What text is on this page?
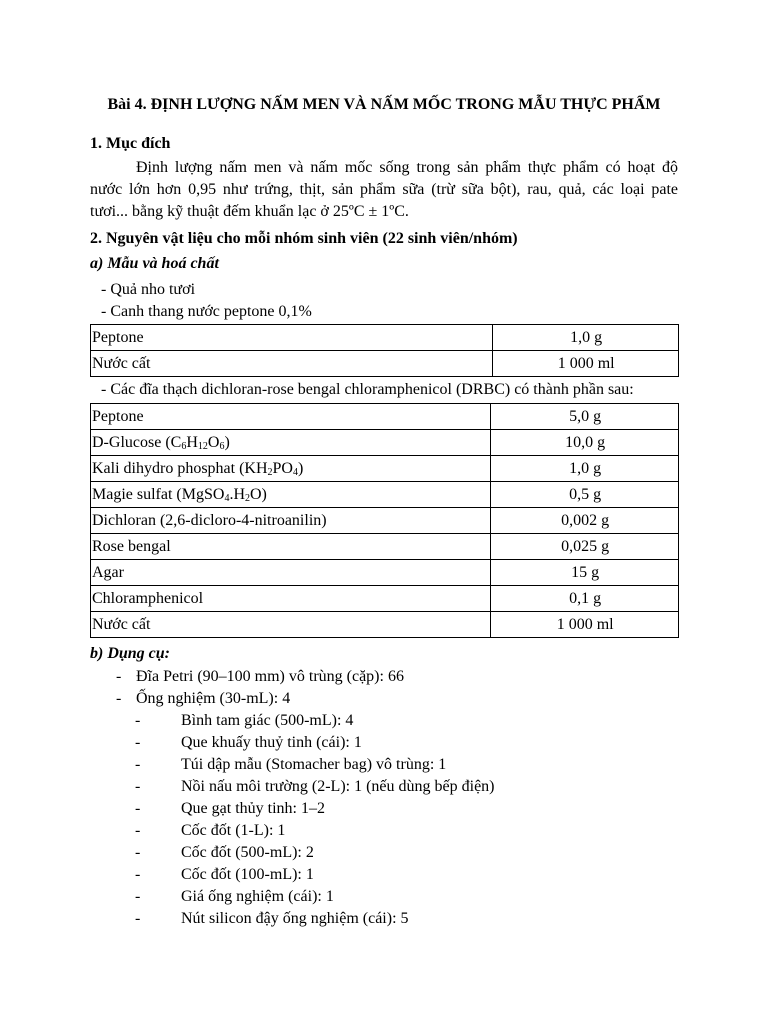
Bài 4. ĐỊNH LƯỢNG NẤM MEN VÀ NẤM MỐC TRONG MẪU THỰC PHẨM
1. Mục đích
Định lượng nấm men và nấm mốc sống trong sản phẩm thực phẩm có hoạt độ
nước lớn hơn 0,95 như trứng, thịt, sản phẩm sữa (trừ sữa bột), rau, quả, các loại pate
tươi... bằng kỹ thuật đếm khuẩn lạc ở 25ºC ± 1ºC.
2. Nguyên vật liệu cho mỗi nhóm sinh viên (22 sinh viên/nhóm)
a) Mẫu và hoá chất
- Quả nho tươi
- Canh thang nước peptone 0,1%
Peptone	1,0 g
Nước cất	1 000 ml
- Các đĩa thạch dichloran-rose bengal chloramphenicol (DRBC) có thành phần sau:
Peptone	5,0 g
D-Glucose $(C_6H_{12}O_6)$	10,0 g
Kali dihydro phosphat $(KH_2PO_4)$	1,0 g
Magie sulfat $(MgSO_4.H_2O)$	0,5 g
Dichloran (2,6-dicloro-4-nitroanilin)	0,002 g
Rose bengal	0,025 g
Agar	15 g
Chloramphenicol	0,1 g
Nước cất	1 000 ml
b) Dụng cụ:
- Đĩa Petri (90–100 mm) vô trùng (cặp): 66
- Ống nghiệm (30-mL): 4
-	Bình tam giác (500-mL): 4
-	Que khuấy thuỷ tinh (cái): 1
-	Túi dập mẫu (Stomacher bag) vô trùng: 1
-	Nồi nấu môi trường (2-L): 1 (nếu dùng bếp điện)
-	Que gạt thủy tinh: 1–2
-	Cốc đốt (1-L): 1
-	Cốc đốt (500-mL): 2
-	Cốc đốt (100-mL): 1
-	Giá ống nghiệm (cái): 1
-	Nút silicon đậy ống nghiệm (cái): 5
